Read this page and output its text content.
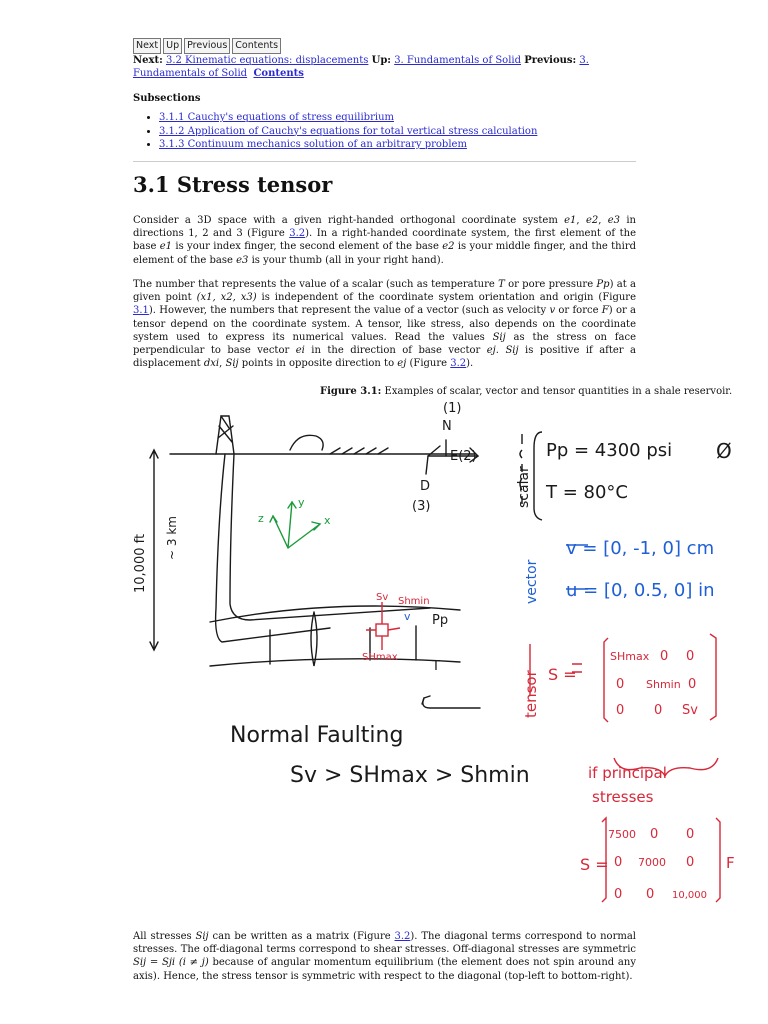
Next Up Previous Contents
Next: 3.2 Kinematic equations: displacements Up: 3. Fundamentals of Solid Previous: 3. Fundamentals of Solid Contents
Subsections
• 3.1.1 Cauchy's equations of stress equilibrium
• 3.1.2 Application of Cauchy's equations for total vertical stress calculation
• 3.1.3 Continuum mechanics solution of an arbitrary problem
3.1 Stress tensor

Consider a 3D space with a given right-handed orthogonal coordinate system e1, e2, e3 in directions 1, 2 and 3 (Figure 3.2). In a right-handed coordinate system, the first element of the base e1 is your index finger, the second element of the base e2 is your middle finger, and the third element of the base e3 is your thumb (all in your right hand).

The number that represents the value of a scalar (such as temperature T or pore pressure Pp) at a given point (x1, x2, x3) is independent of the coordinate system orientation and origin (Figure 3.1). However, the numbers that represent the value of a vector (such as velocity v or force F) or a tensor depend on the coordinate system. A tensor, like stress, also depends on the coordinate system used to express its numerical values. Read the values Sij as the stress on face perpendicular to base vector ei in the direction of base vector ej. Sij is positive if after a displacement dxi, Sij points in opposite direction to ej (Figure 3.2).

Figure 3.1: Examples of scalar, vector and tensor quantities in a shale reservoir.
(1)
N
E(2)
D
(3)
10,000 ft ~ 3 km
Pp
T
Pp = 4300 psi
T = 80°C
Ø
scalar
Normal Faulting
Sv > SHmax > Shmin
z
y
x
Sv Shmin
SHmax
v
vector
v = [0, -1, 0] cm
u = [0, 0.5, 0] in
tensor S =
SHmax 0 0
0 Shmin 0
0 0 Sv
if principal
stresses
S =
7500 0 0
0 7000 0
0 0 10,000
F

All stresses Sij can be written as a matrix (Figure 3.2). The diagonal terms correspond to normal stresses. The off-diagonal terms correspond to shear stresses. Off-diagonal stresses are symmetric Sij = Sji (i ≠ j) because of angular momentum equilibrium (the element does not spin around any axis). Hence, the stress tensor is symmetric with respect to the diagonal (top-left to bottom-right).
